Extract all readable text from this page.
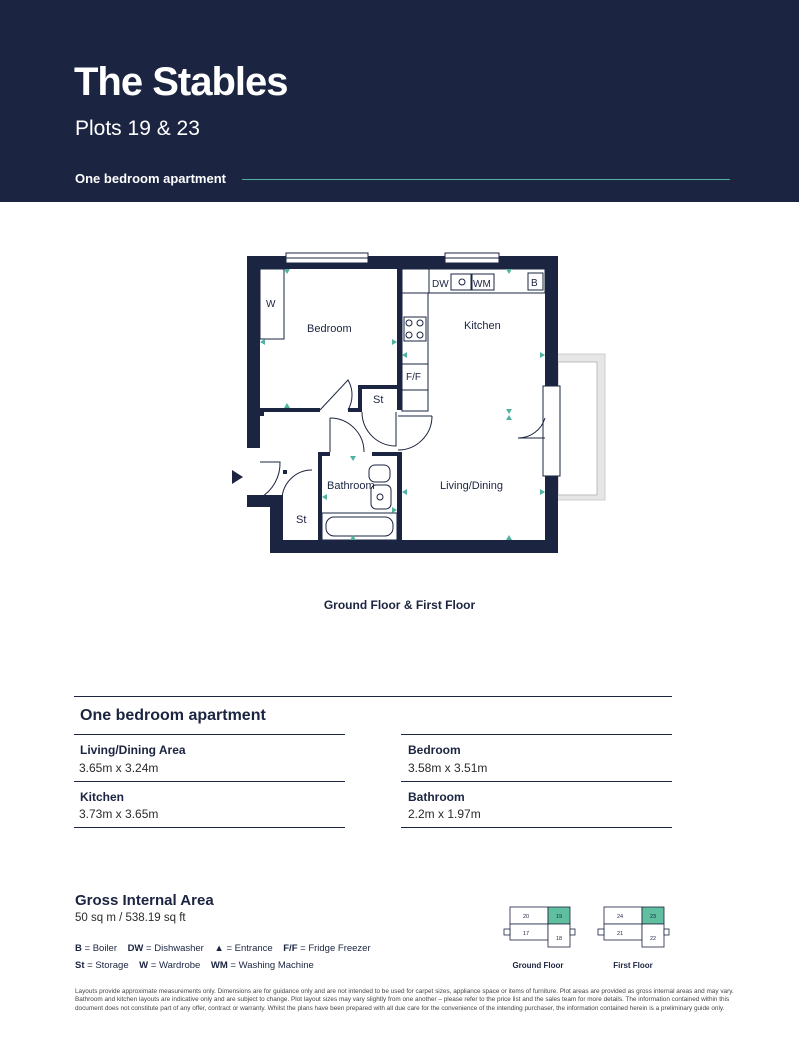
The Stables
Plots 19 & 23
One bedroom apartment
W
DW WM	B
F/F
Bedroom	Kitchen
Living/Dining
Bathroom
St
St
Ground Floor & First Floor
One bedroom apartment
Living/Dining Area
3.65m x 3.24m
Bedroom
3.58m x 3.51m
Kitchen
3.73m x 3.65m
Bathroom
2.2m x 1.97m
Gross Internal Area
50 sq m / 538.19 sq ft
B = Boiler DW = Dishwasher ▲ = Entrance F/F = Fridge Freezer
St = Storage W = Wardrobe WM = Washing Machine
20	19
17
18
Ground Floor
24	23
21
22
First Floor
Layouts provide approximate measurements only. Dimensions are for guidance only and are not intended to be used for carpet sizes, appliance space or items of furniture. Plot areas are provided as gross internal areas and may vary. Bathroom and kitchen layouts are indicative only and are subject to change. Plot layout sizes may vary slightly from one another – please refer to the price list and the sales team for more details. The information contained within this document does not constitute part of any offer, contract or warranty. Whilst the plans have been prepared with all due care for the convenience of the intending purchaser, the information contained herein is a preliminary guide only.
